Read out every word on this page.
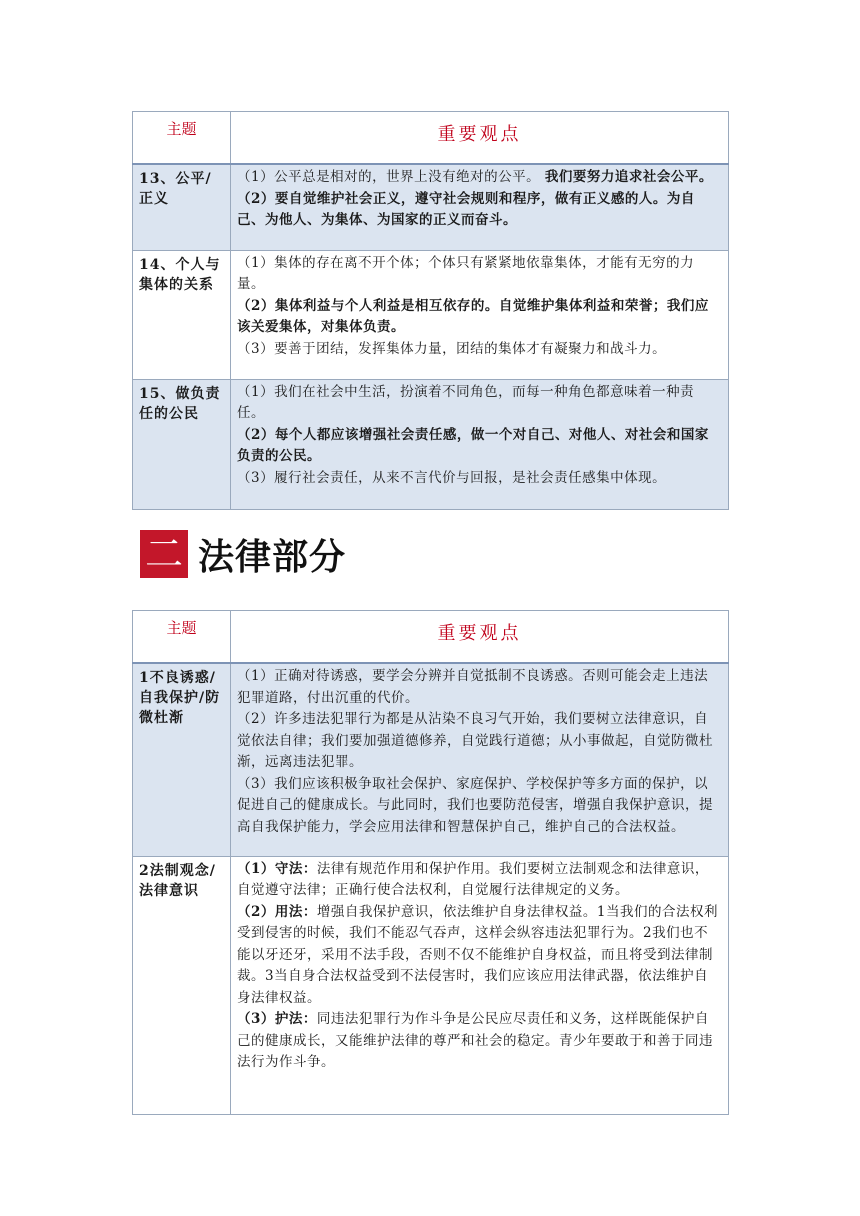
主题	重要观点
13、公平/正义	（1）公平总是相对的，世界上没有绝对的公平。 我们要努力追求社会公平。

（2）要自觉维护社会正义，遵守社会规则和程序，做有正义感的人。为自己、为他人、为集体、为国家的正义而奋斗。

14、个人与集体的关系	（1）集体的存在离不开个体；个体只有紧紧地依靠集体，才能有无穷的力量。

（2）集体利益与个人利益是相互依存的。自觉维护集体利益和荣誉；我们应该关爱集体，对集体负责。

（3）要善于团结，发挥集体力量，团结的集体才有凝聚力和战斗力。

15、做负责任的公民	（1）我们在社会中生活，扮演着不同角色，而每一种角色都意味着一种责任。

（2）每个人都应该增强社会责任感，做一个对自己、对他人、对社会和国家负责的公民。

（3）履行社会责任，从来不言代价与回报，是社会责任感集中体现。

二 法律部分
主题	重要观点
1不良诱惑/自我保护/防微杜渐	（1）正确对待诱惑，要学会分辨并自觉抵制不良诱惑。否则可能会走上违法犯罪道路，付出沉重的代价。

（2）许多违法犯罪行为都是从沾染不良习气开始，我们要树立法律意识，自觉依法自律；我们要加强道德修养，自觉践行道德；从小事做起，自觉防微杜渐，远离违法犯罪。

（3）我们应该积极争取社会保护、家庭保护、学校保护等多方面的保护，以促进自己的健康成长。与此同时，我们也要防范侵害，增强自我保护意识，提高自我保护能力，学会应用法律和智慧保护自己，维护自己的合法权益。

2法制观念/法律意识	（1）守法：法律有规范作用和保护作用。我们要树立法制观念和法律意识，自觉遵守法律；正确行使合法权利，自觉履行法律规定的义务。

（2）用法：增强自我保护意识，依法维护自身法律权益。1当我们的合法权利受到侵害的时候，我们不能忍气吞声，这样会纵容违法犯罪行为。2我们也不能以牙还牙，采用不法手段，否则不仅不能维护自身权益，而且将受到法律制裁。3当自身合法权益受到不法侵害时，我们应该应用法律武器，依法维护自身法律权益。

（3）护法：同违法犯罪行为作斗争是公民应尽责任和义务，这样既能保护自己的健康成长，又能维护法律的尊严和社会的稳定。青少年要敢于和善于同违法行为作斗争。
